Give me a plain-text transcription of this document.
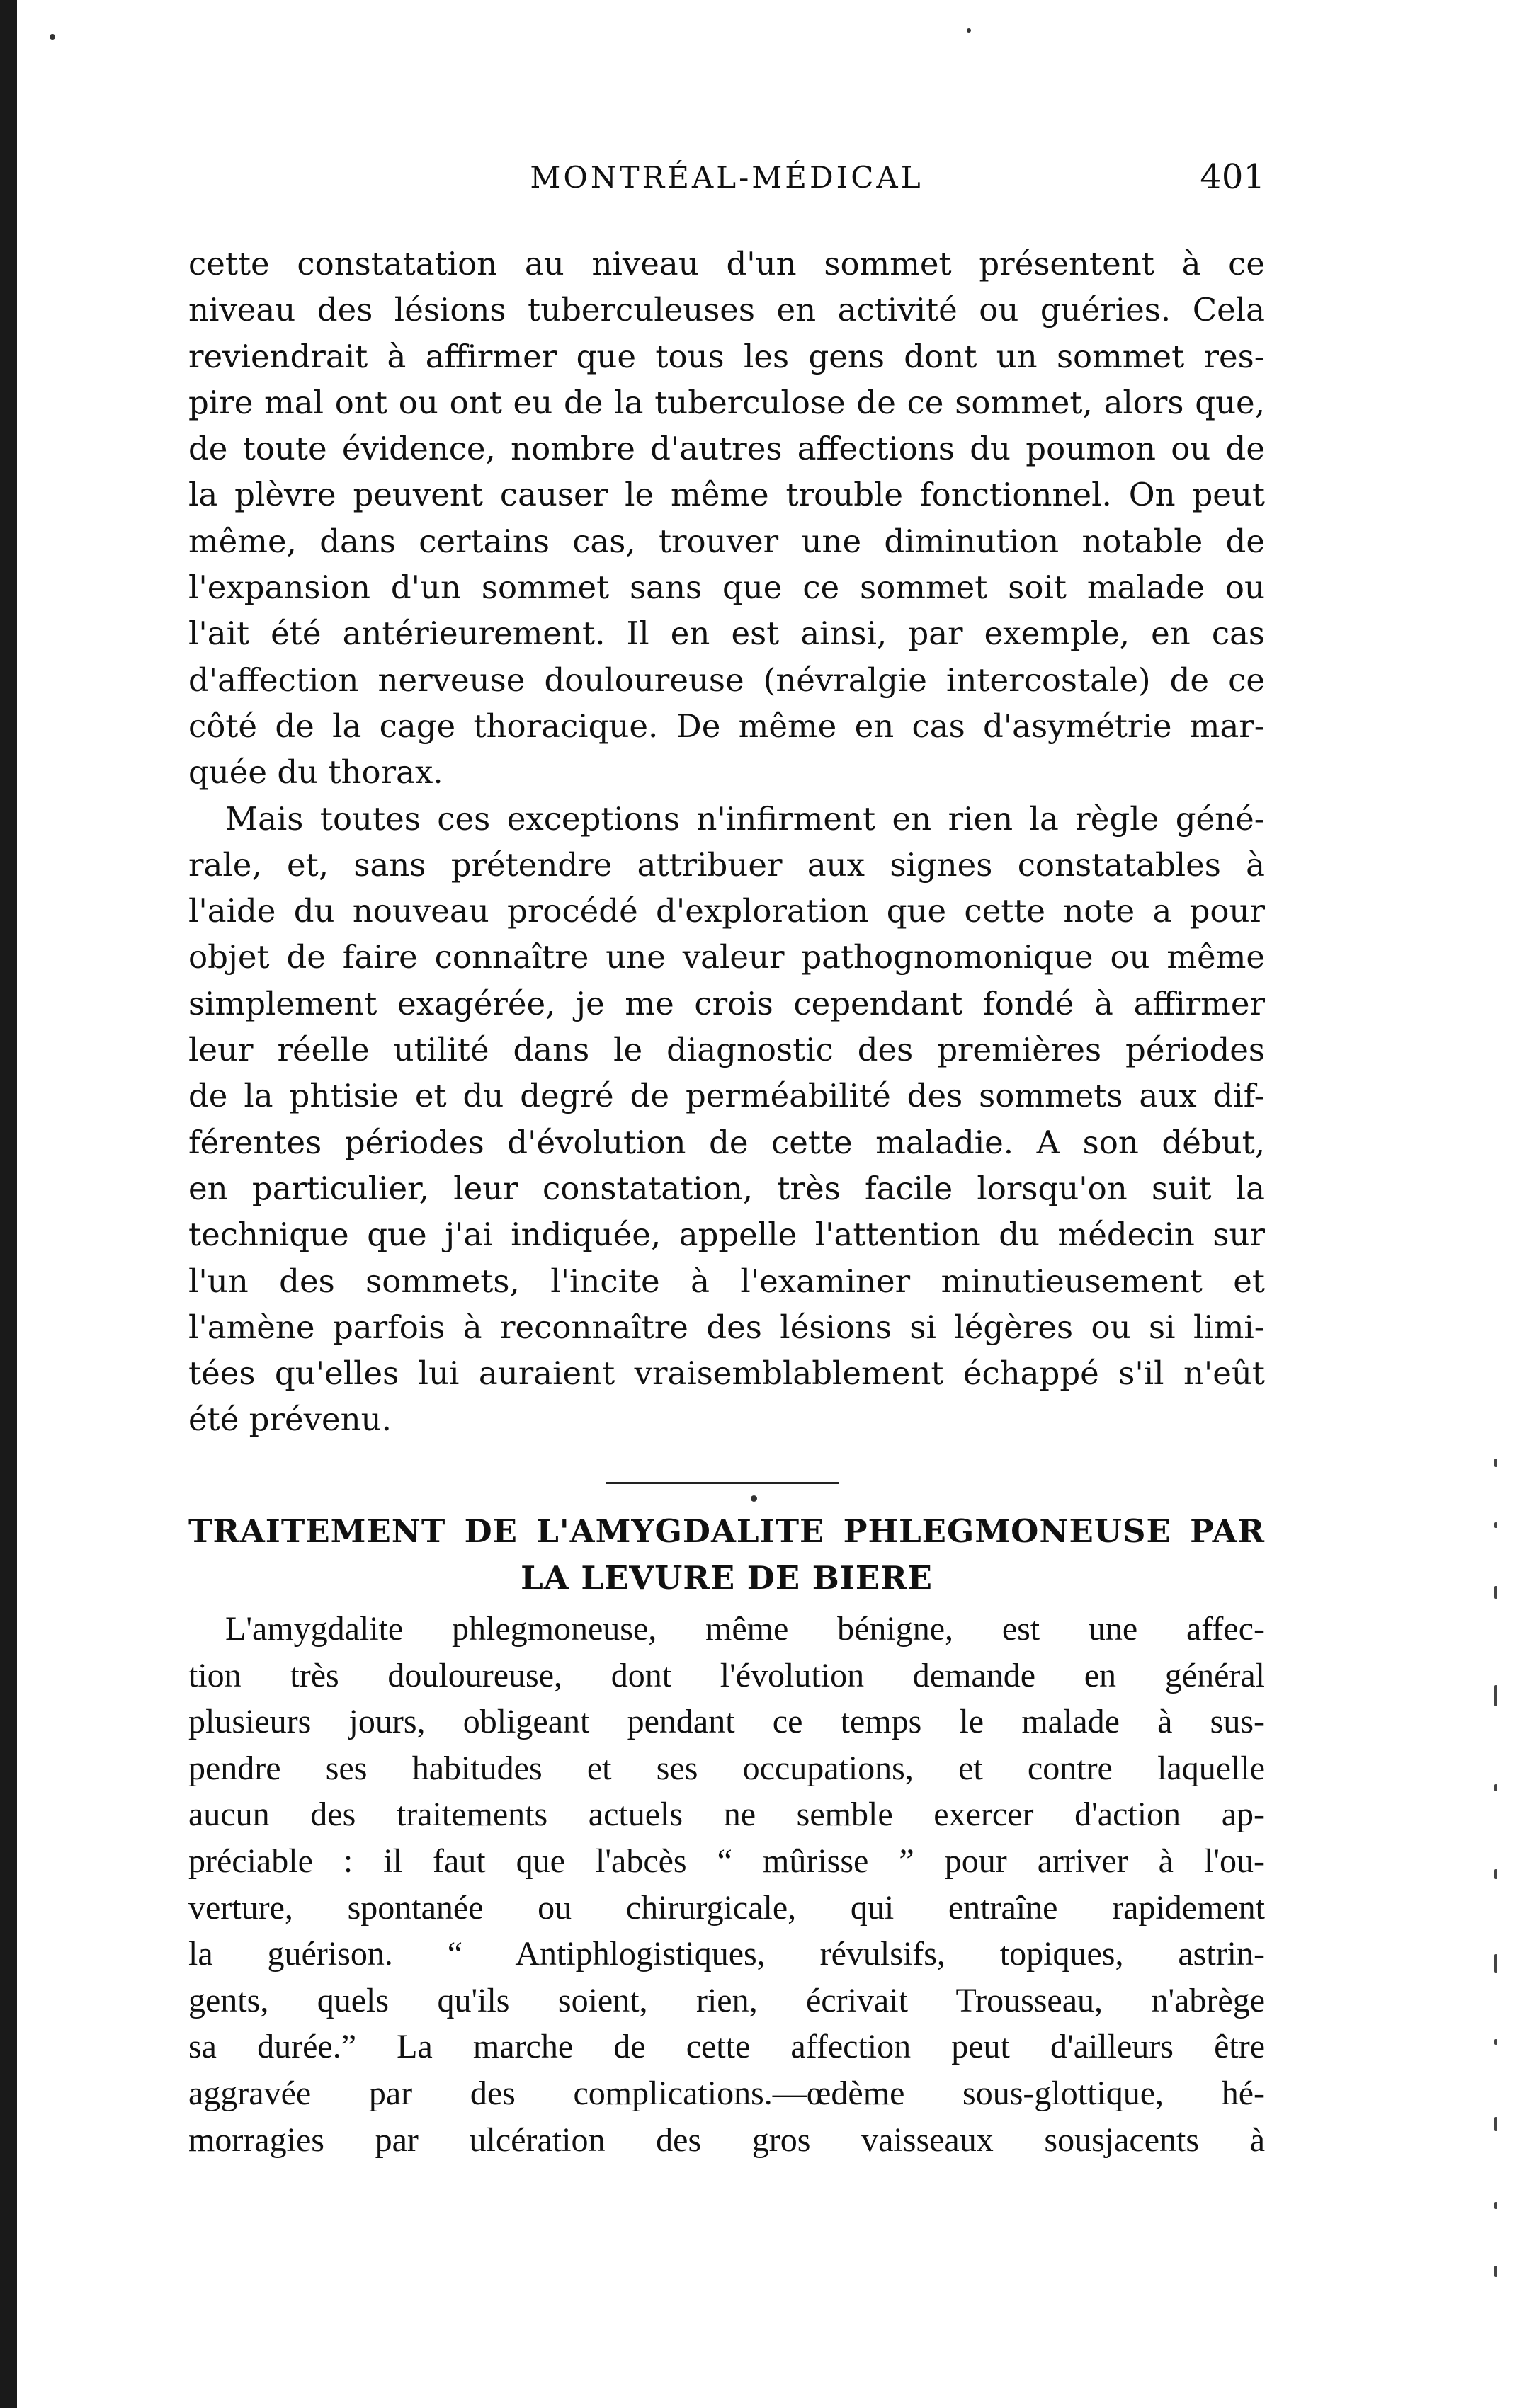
MONTRÉAL-MÉDICAL	401
cette constatation au niveau d'un sommet présentent à ce
niveau des lésions tuberculeuses en activité ou guéries. Cela
reviendrait à affirmer que tous les gens dont un sommet res-
pire mal ont ou ont eu de la tuberculose de ce sommet, alors que,
de toute évidence, nombre d'autres affections du poumon ou de
la plèvre peuvent causer le même trouble fonctionnel. On peut
même, dans certains cas, trouver une diminution notable de
l'expansion d'un sommet sans que ce sommet soit malade ou
l'ait été antérieurement. Il en est ainsi, par exemple, en cas
d'affection nerveuse douloureuse (névralgie intercostale) de ce
côté de la cage thoracique. De même en cas d'asymétrie mar-
quée du thorax.
Mais toutes ces exceptions n'infirment en rien la règle géné-
rale, et, sans prétendre attribuer aux signes constatables à
l'aide du nouveau procédé d'exploration que cette note a pour
objet de faire connaître une valeur pathognomonique ou même
simplement exagérée, je me crois cependant fondé à affirmer
leur réelle utilité dans le diagnostic des premières périodes
de la phtisie et du degré de perméabilité des sommets aux dif-
férentes périodes d'évolution de cette maladie. A son début,
en particulier, leur constatation, très facile lorsqu'on suit la
technique que j'ai indiquée, appelle l'attention du médecin sur
l'un des sommets, l'incite à l'examiner minutieusement et
l'amène parfois à reconnaître des lésions si légères ou si limi-
tées qu'elles lui auraient vraisemblablement échappé s'il n'eût
été prévenu.
TRAITEMENT DE L'AMYGDALITE PHLEGMONEUSE PAR
LA LEVURE DE BIERE
L'amygdalite phlegmoneuse, même bénigne, est une affec-
tion très douloureuse, dont l'évolution demande en général
plusieurs jours, obligeant pendant ce temps le malade à sus-
pendre ses habitudes et ses occupations, et contre laquelle
aucun des traitements actuels ne semble exercer d'action ap-
préciable : il faut que l'abcès “ mûrisse ” pour arriver à l'ou-
verture, spontanée ou chirurgicale, qui entraîne rapidement
la guérison. “ Antiphlogistiques, révulsifs, topiques, astrin-
gents, quels qu'ils soient, rien, écrivait Trousseau, n'abrège
sa durée.” La marche de cette affection peut d'ailleurs être
aggravée par des complications.—œdème sous-glottique, hé-
morragies par ulcération des gros vaisseaux sousjacents à
